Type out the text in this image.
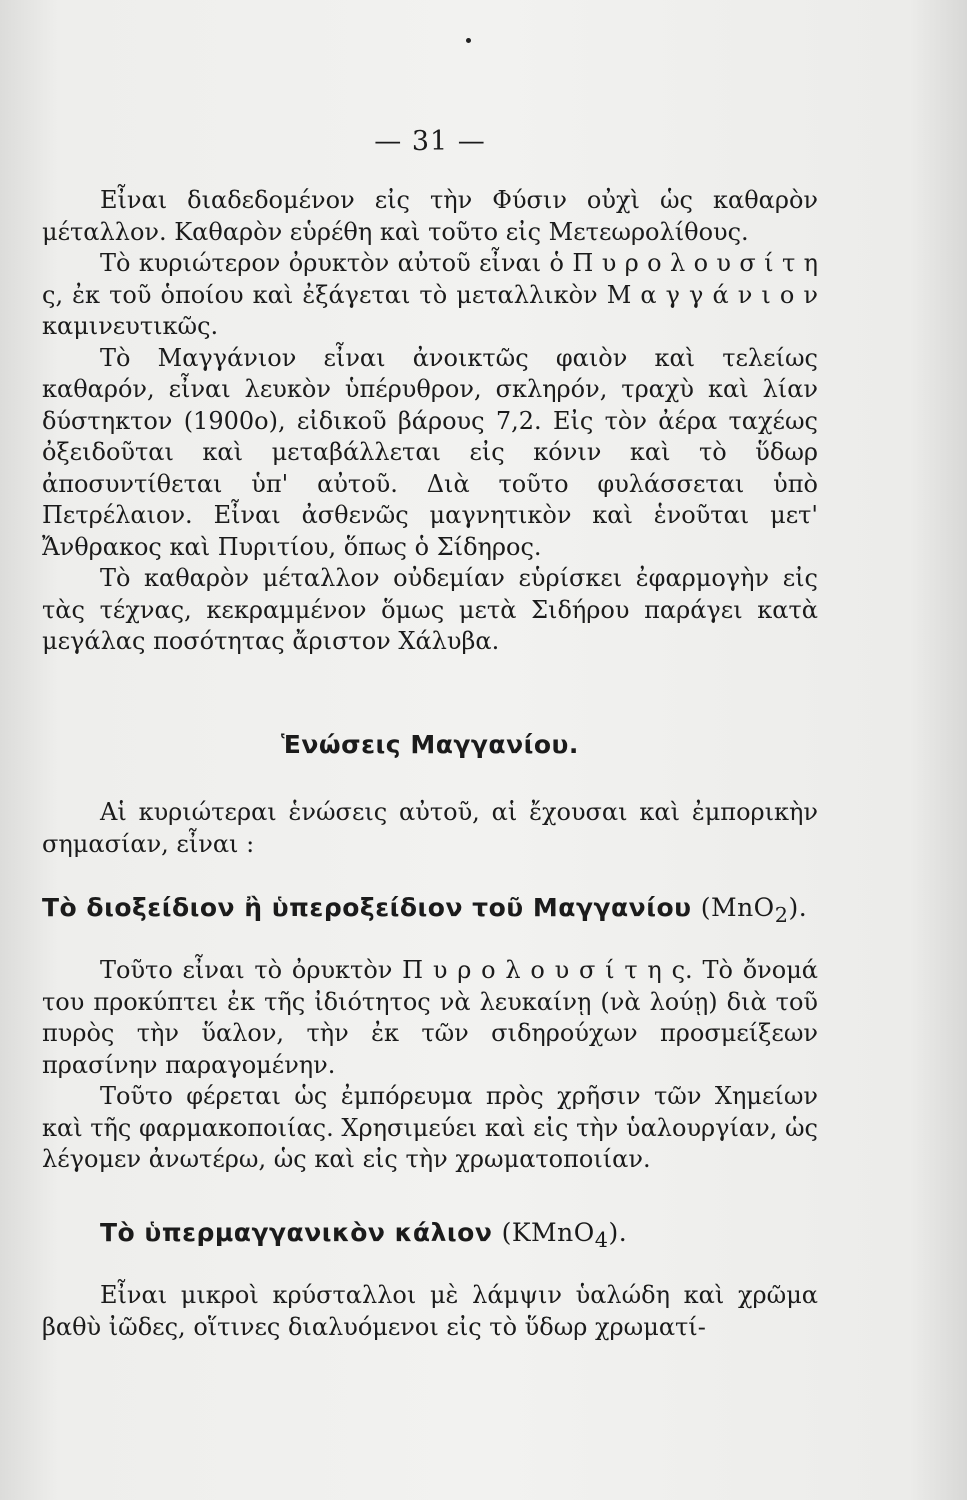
— 31 —

Εἶναι διαδεδομένον εἰς τὴν Φύσιν οὐχὶ ὡς καθαρὸν μέταλλον. Καθαρὸν εὑρέθη καὶ τοῦτο εἰς Μετεωρολίθους.

Τὸ κυριώτερον ὀρυκτὸν αὐτοῦ εἶναι ὁ Π υ ρ ο λ ο υ σ ί τ η ς, ἐκ τοῦ ὁποίου καὶ ἐξάγεται τὸ μεταλλικὸν Μ α γ γ ά ν ι ο ν καμινευτικῶς.

Τὸ Μαγγάνιον εἶναι ἀνοικτῶς φαιὸν καὶ τελείως καθαρόν, εἶναι λευκὸν ὑπέρυθρον, σκληρόν, τραχὺ καὶ λίαν δύστηκτον (1900ο), εἰδικοῦ βάρους 7,2. Εἰς τὸν ἀέρα ταχέως ὀξειδοῦται καὶ μεταβάλλεται εἰς κόνιν καὶ τὸ ὕδωρ ἀποσυντίθεται ὑπ' αὐτοῦ. Διὰ τοῦτο φυλάσσεται ὑπὸ Πετρέλαιον. Εἶναι ἀσθενῶς μαγνητικὸν καὶ ἑνοῦται μετ' Ἄνθρακος καὶ Πυριτίου, ὅπως ὁ Σίδηρος.

Τὸ καθαρὸν μέταλλον οὐδεμίαν εὑρίσκει ἐφαρμογὴν εἰς τὰς τέχνας, κεκραμμένον ὅμως μετὰ Σιδήρου παράγει κατὰ μεγάλας ποσότητας ἄριστον Χάλυβα.

Ἑνώσεις Μαγγανίου.

Αἱ κυριώτεραι ἑνώσεις αὐτοῦ, αἱ ἔχουσαι καὶ ἐμπορικὴν σημασίαν, εἶναι :

Τὸ διοξείδιον ἢ ὑπεροξείδιον τοῦ Μαγγανίου (MnO$_2$).

Τοῦτο εἶναι τὸ ὀρυκτὸν Π υ ρ ο λ ο υ σ ί τ η ς. Τὸ ὄνομά του προκύπτει ἐκ τῆς ἰδιότητος νὰ λευκαίνῃ (νὰ λούῃ) διὰ τοῦ πυρὸς τὴν ὕαλον, τὴν ἐκ τῶν σιδηρούχων προσμείξεων πρασίνην παραγομένην.

Τοῦτο φέρεται ὡς ἐμπόρευμα πρὸς χρῆσιν τῶν Χημείων καὶ τῆς φαρμακοποιίας. Χρησιμεύει καὶ εἰς τὴν ὑαλουργίαν, ὡς λέγομεν ἀνωτέρω, ὡς καὶ εἰς τὴν χρωματοποιίαν.

Τὸ ὑπερμαγγανικὸν κάλιον (KMnO$_4$).

Εἶναι μικροὶ κρύσταλλοι μὲ λάμψιν ὑαλώδη καὶ χρῶμα βαθὺ ἰῶδες, οἵτινες διαλυόμενοι εἰς τὸ ὕδωρ χρωματί-
